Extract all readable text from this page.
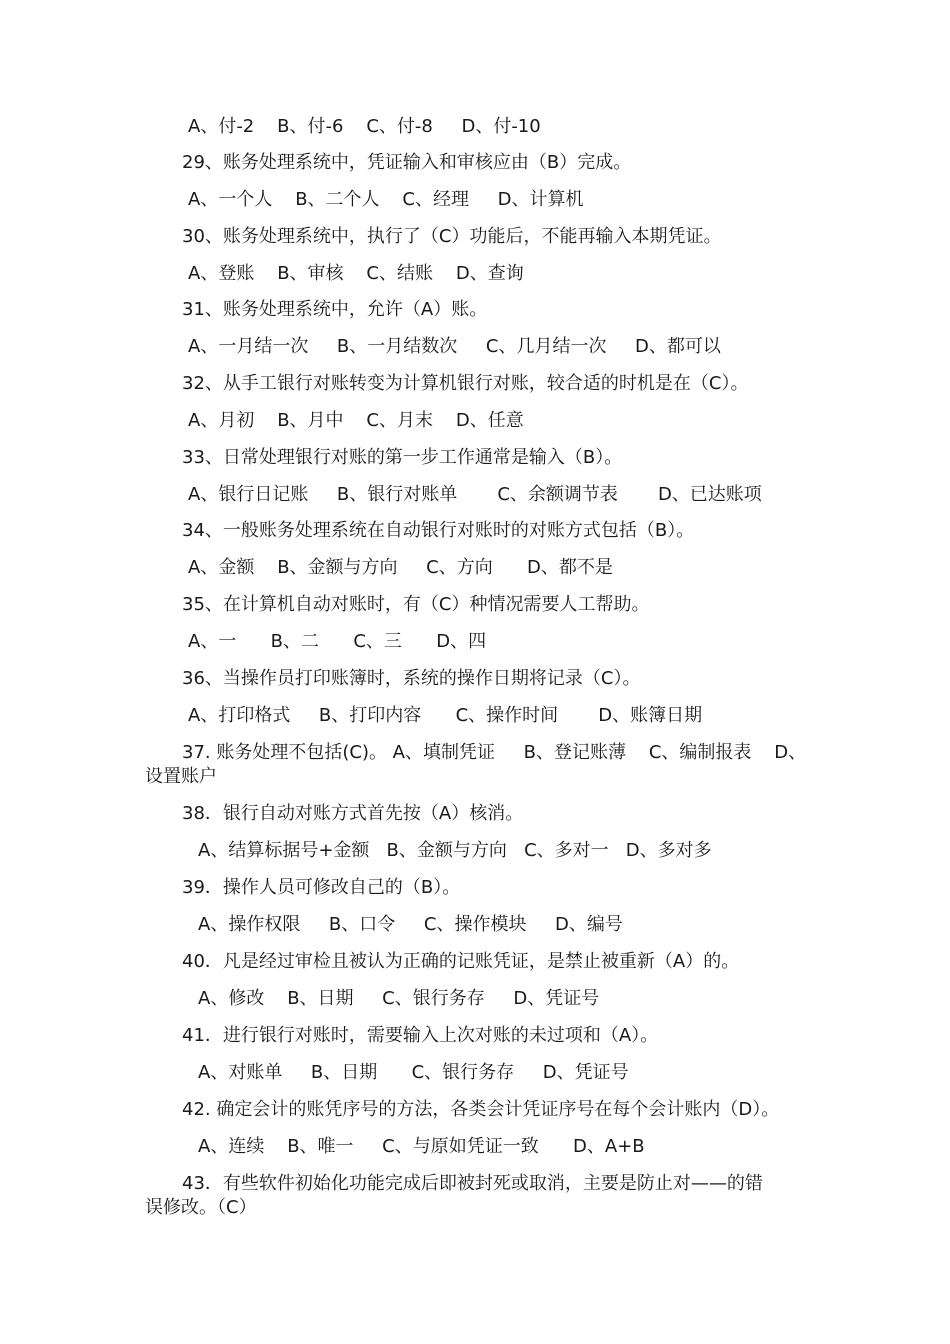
A、付-2    B、付-6    C、付-8     D、付-10
29、账务处理系统中，凭证输入和审核应由（B）完成。
A、一个人    B、二个人    C、经理     D、计算机
30、账务处理系统中，执行了（C）功能后，不能再输入本期凭证。
A、登账    B、审核    C、结账    D、查询
31、账务处理系统中，允许（A）账。
A、一月结一次     B、一月结数次     C、几月结一次     D、都可以
32、从手工银行对账转变为计算机银行对账，较合适的时机是在（C）。
A、月初    B、月中    C、月末    D、任意
33、日常处理银行对账的第一步工作通常是输入（B）。
A、银行日记账     B、银行对账单       C、余额调节表       D、已达账项
34、一般账务处理系统在自动银行对账时的对账方式包括（B）。
A、金额    B、金额与方向     C、方向      D、都不是
35、在计算机自动对账时，有（C）种情况需要人工帮助。
A、一      B、二      C、三      D、四
36、当操作员打印账簿时，系统的操作日期将记录（C）。
A、打印格式     B、打印内容      C、操作时间       D、账簿日期
37. 账务处理不包括(C)。 A、填制凭证     B、登记账薄    C、编制报表    D、
设置账户
38．银行自动对账方式首先按（A）核消。
A、结算标据号+金额   B、金额与方向   C、多对一   D、多对多
39．操作人员可修改自己的（B）。
A、操作权限     B、口令     C、操作模块     D、编号
40．凡是经过审检且被认为正确的记账凭证，是禁止被重新（A）的。
A、修改    B、日期     C、银行务存     D、凭证号
41．进行银行对账时，需要输入上次对账的未过项和（A）。
A、对账单     B、日期      C、银行务存     D、凭证号
42. 确定会计的账凭序号的方法，各类会计凭证序号在每个会计账内（D）。
A、连续    B、唯一     C、与原如凭证一致      D、A+B
43．有些软件初始化功能完成后即被封死或取消，主要是防止对——的错
误修改。（C）
